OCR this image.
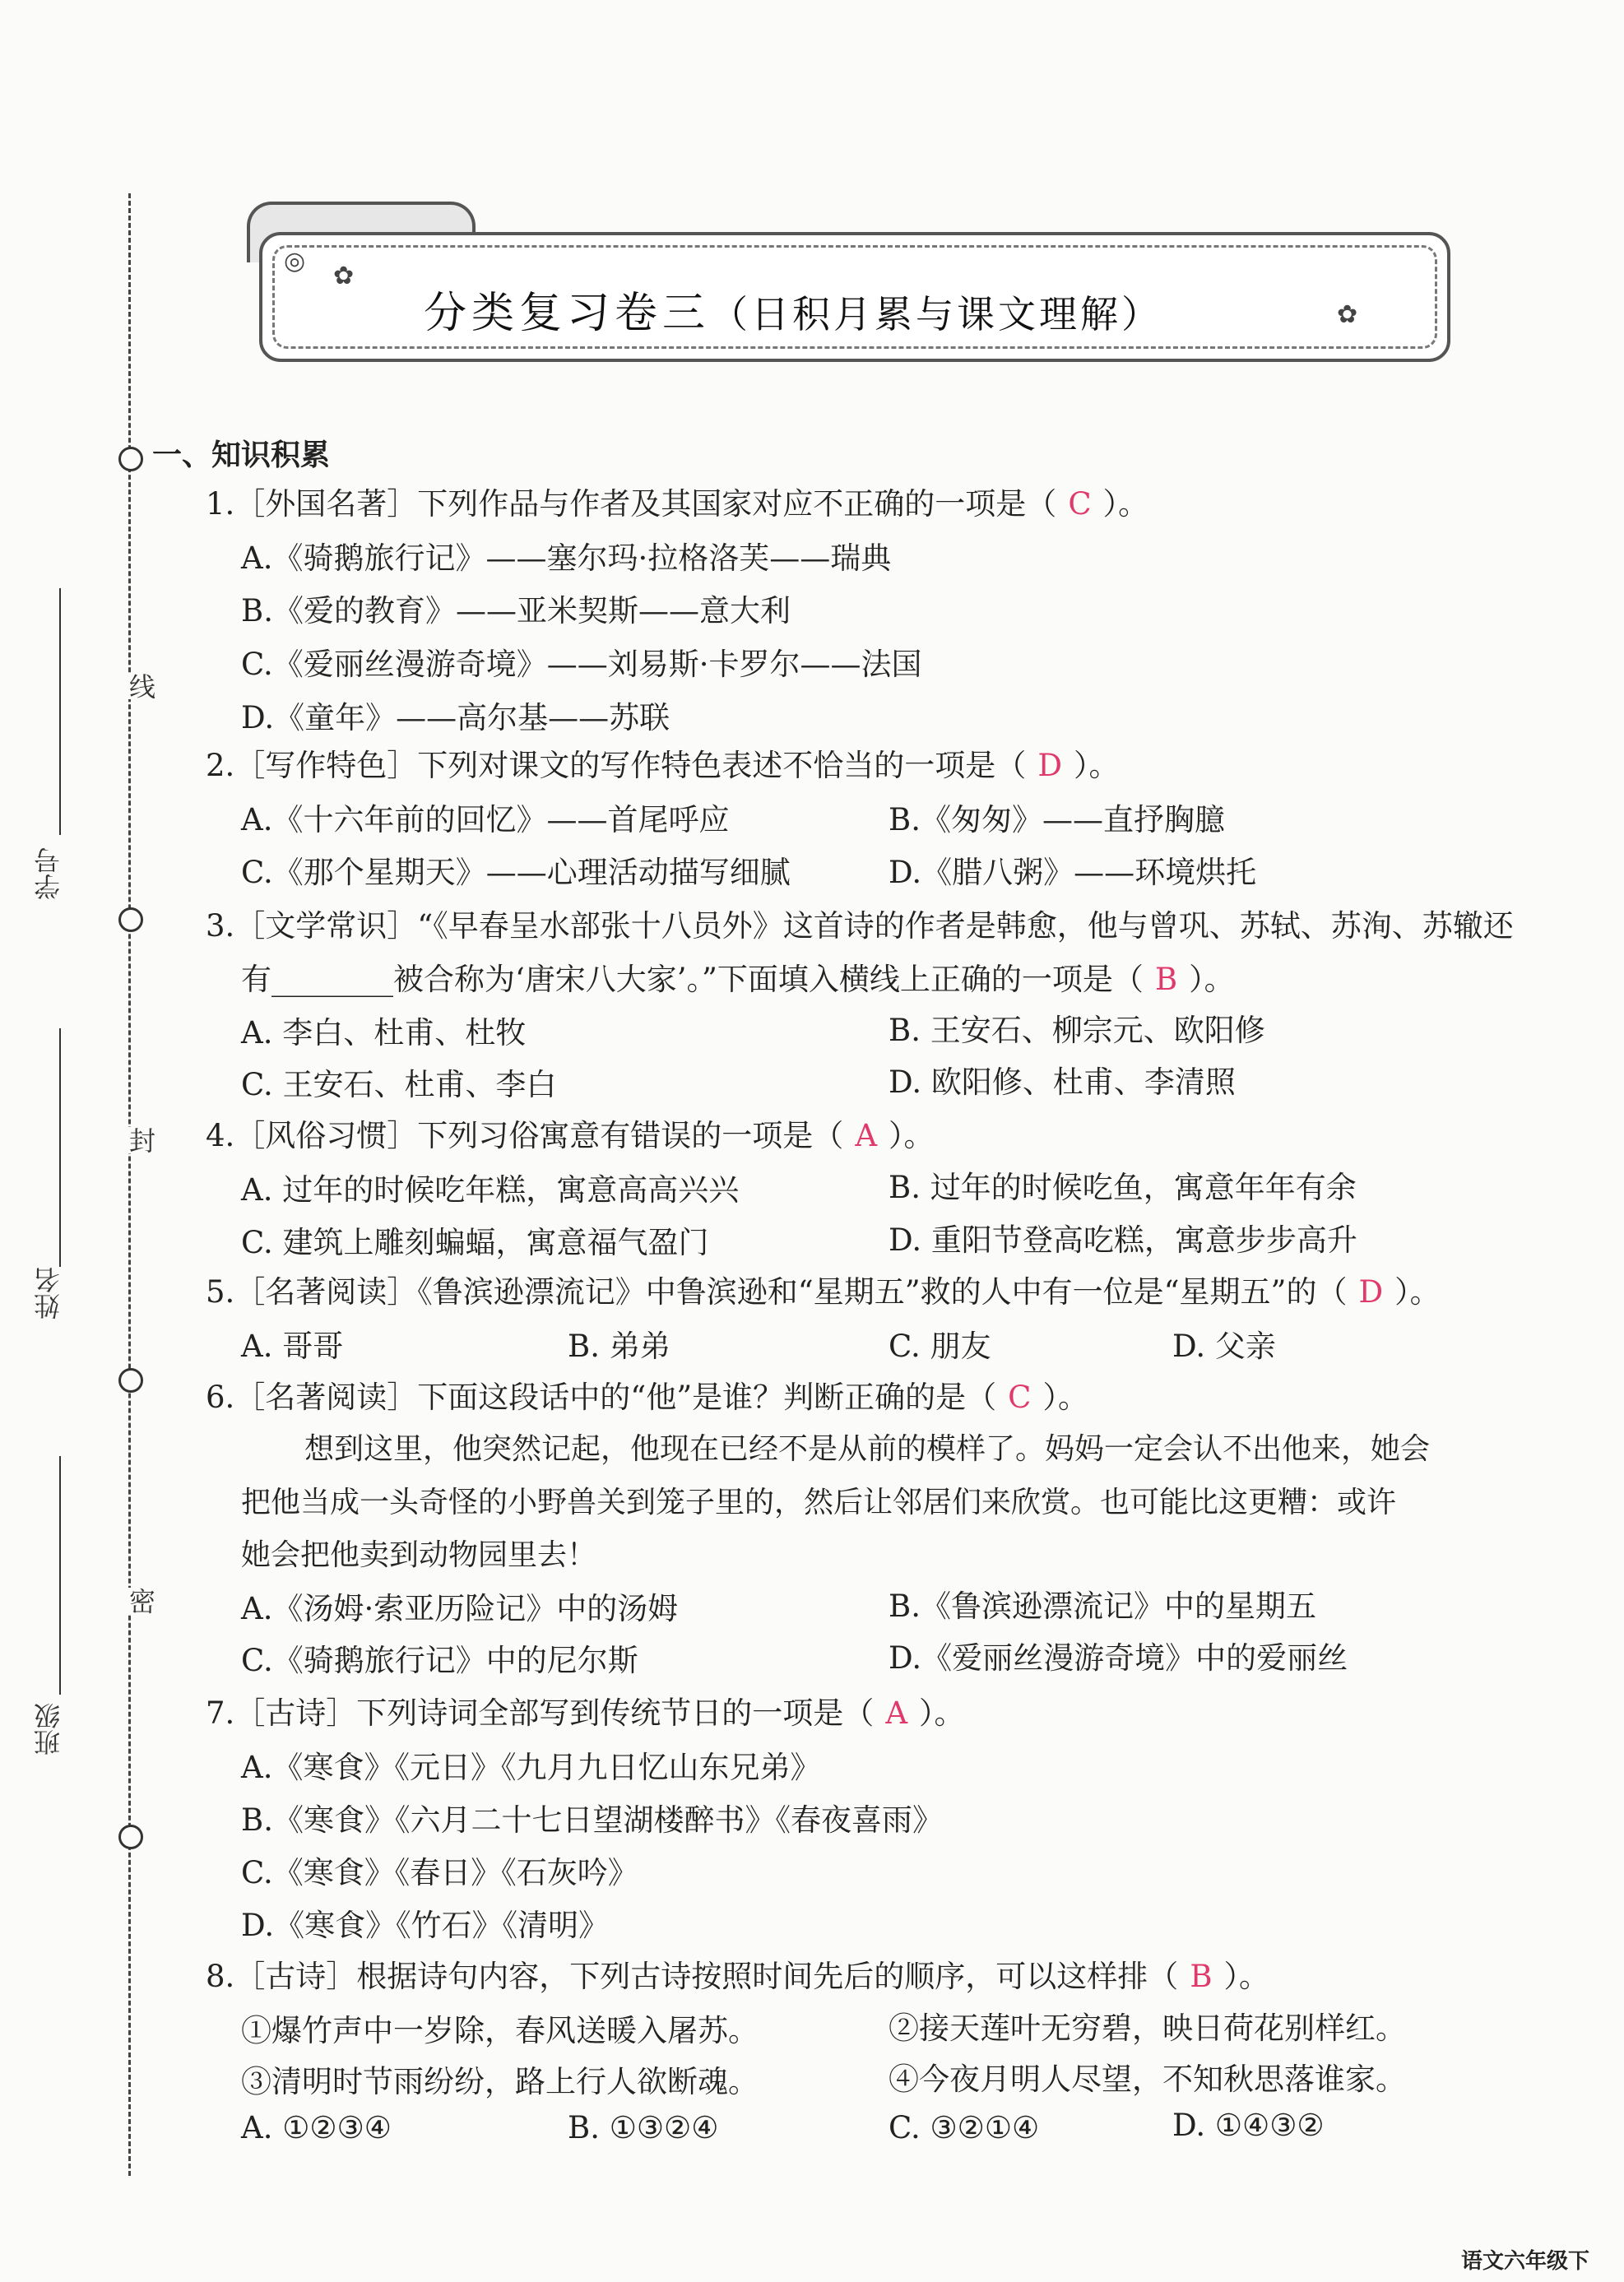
线
封
密
学号
姓名
班级
◎
✿
✿
分类复习卷三（日积月累与课文理解）
一、知识积累
1.［外国名著］下列作品与作者及其国家对应不正确的一项是（ C ）。
A.《骑鹅旅行记》——塞尔玛·拉格洛芙——瑞典
B.《爱的教育》——亚米契斯——意大利
C.《爱丽丝漫游奇境》——刘易斯·卡罗尔——法国
D.《童年》——高尔基——苏联
2.［写作特色］下列对课文的写作特色表述不恰当的一项是（ D ）。
A.《十六年前的回忆》——首尾呼应	B.《匆匆》——直抒胸臆
C.《那个星期天》——心理活动描写细腻	D.《腊八粥》——环境烘托
3.［文学常识］“《早春呈水部张十八员外》这首诗的作者是韩愈，他与曾巩、苏轼、苏洵、苏辙还
有________被合称为‘唐宋八大家’。”下面填入横线上正确的一项是（ B ）。
A. 李白、杜甫、杜牧	B. 王安石、柳宗元、欧阳修
C. 王安石、杜甫、李白	D. 欧阳修、杜甫、李清照
4.［风俗习惯］下列习俗寓意有错误的一项是（ A ）。
A. 过年的时候吃年糕，寓意高高兴兴	B. 过年的时候吃鱼，寓意年年有余
C. 建筑上雕刻蝙蝠，寓意福气盈门	D. 重阳节登高吃糕，寓意步步高升
5.［名著阅读］《鲁滨逊漂流记》中鲁滨逊和“星期五”救的人中有一位是“星期五”的（ D ）。
A. 哥哥	B. 弟弟	C. 朋友	D. 父亲
6.［名著阅读］下面这段话中的“他”是谁？判断正确的是（ C ）。
想到这里，他突然记起，他现在已经不是从前的模样了。妈妈一定会认不出他来，她会
把他当成一头奇怪的小野兽关到笼子里的，然后让邻居们来欣赏。也可能比这更糟：或许
她会把他卖到动物园里去！
A.《汤姆·索亚历险记》中的汤姆	B.《鲁滨逊漂流记》中的星期五
C.《骑鹅旅行记》中的尼尔斯	D.《爱丽丝漫游奇境》中的爱丽丝
7.［古诗］下列诗词全部写到传统节日的一项是（ A ）。
A.《寒食》《元日》《九月九日忆山东兄弟》
B.《寒食》《六月二十七日望湖楼醉书》《春夜喜雨》
C.《寒食》《春日》《石灰吟》
D.《寒食》《竹石》《清明》
8.［古诗］根据诗句内容，下列古诗按照时间先后的顺序，可以这样排（ B ）。
①爆竹声中一岁除，春风送暖入屠苏。	②接天莲叶无穷碧，映日荷花别样红。
③清明时节雨纷纷，路上行人欲断魂。	④今夜月明人尽望，不知秋思落谁家。
A. ①②③④	B. ①③②④	C. ③②①④	D. ①④③②
语文六年级下
